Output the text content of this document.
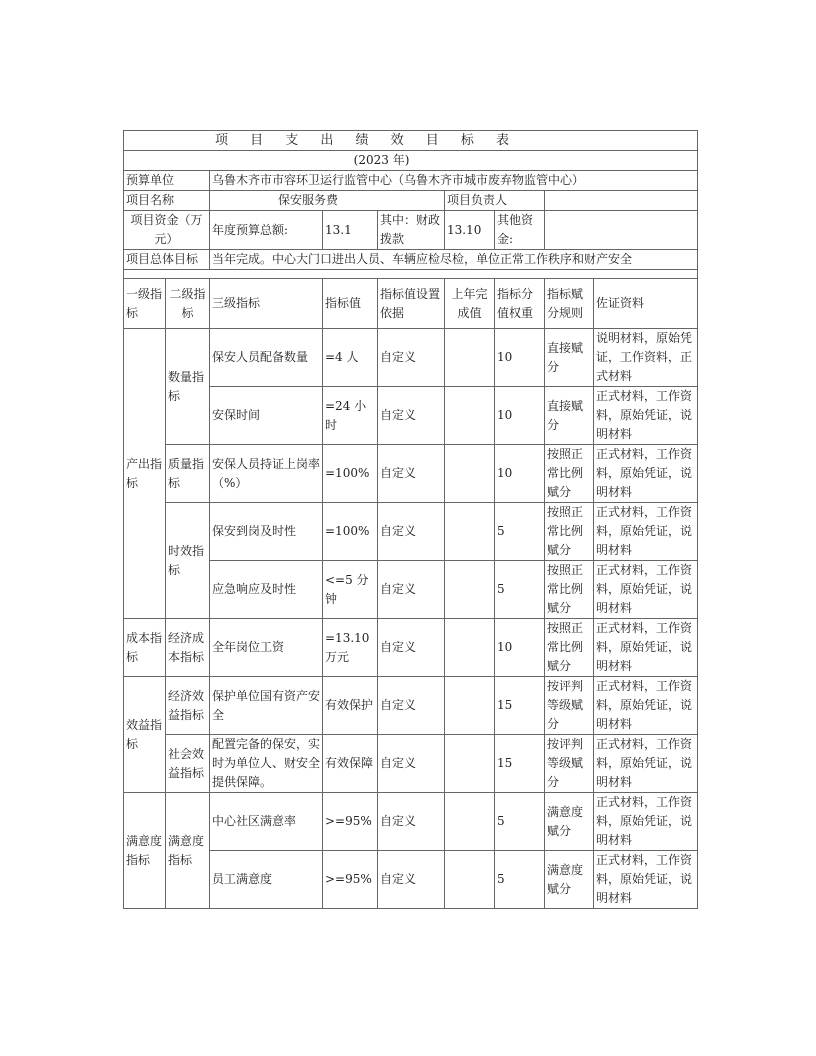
项 目 支 出 绩 效 目 标 表								
(2023 年)								
预算单位		乌鲁木齐市市容环卫运行监管中心（乌鲁木齐市城市废弃物监管中心）						
项目名称		保安服务费			项目负责人			
项目资金（万元）		年度预算总额:	13.1	其中：财政拨款	13.10	其他资金:		
项目总体目标		当年完成。中心大门口进出人员、车辆应检尽检，单位正常工作秩序和财产安全						

一级指标	二级指标	三级指标	指标值	指标值设置依据	上年完成值	指标分值权重	指标赋分规则	佐证资料
产出指标	数量指标	保安人员配备数量	=4 人	自定义		10	直接赋分	说明材料，原始凭证，工作资料，正式材料
		安保时间	=24 小时	自定义		10	直接赋分	正式材料，工作资料，原始凭证，说明材料
	质量指标	安保人员持证上岗率（%）	=100%	自定义		10	按照正常比例赋分	正式材料，工作资料，原始凭证，说明材料
	时效指标	保安到岗及时性	=100%	自定义		5	按照正常比例赋分	正式材料，工作资料，原始凭证，说明材料
		应急响应及时性	<=5 分钟	自定义		5	按照正常比例赋分	正式材料，工作资料，原始凭证，说明材料
成本指标	经济成本指标	全年岗位工资	=13.10 万元	自定义		10	按照正常比例赋分	正式材料，工作资料，原始凭证，说明材料
效益指标	经济效益指标	保护单位国有资产安全	有效保护	自定义		15	按评判等级赋分	正式材料，工作资料，原始凭证，说明材料
	社会效益指标	配置完备的保安，实时为单位人、财安全提供保障。	有效保障	自定义		15	按评判等级赋分	正式材料，工作资料，原始凭证，说明材料
满意度指标	满意度指标	中心社区满意率	>=95%	自定义		5	满意度赋分	正式材料，工作资料，原始凭证，说明材料
		员工满意度	>=95%	自定义		5	满意度赋分	正式材料，工作资料，原始凭证，说明材料
